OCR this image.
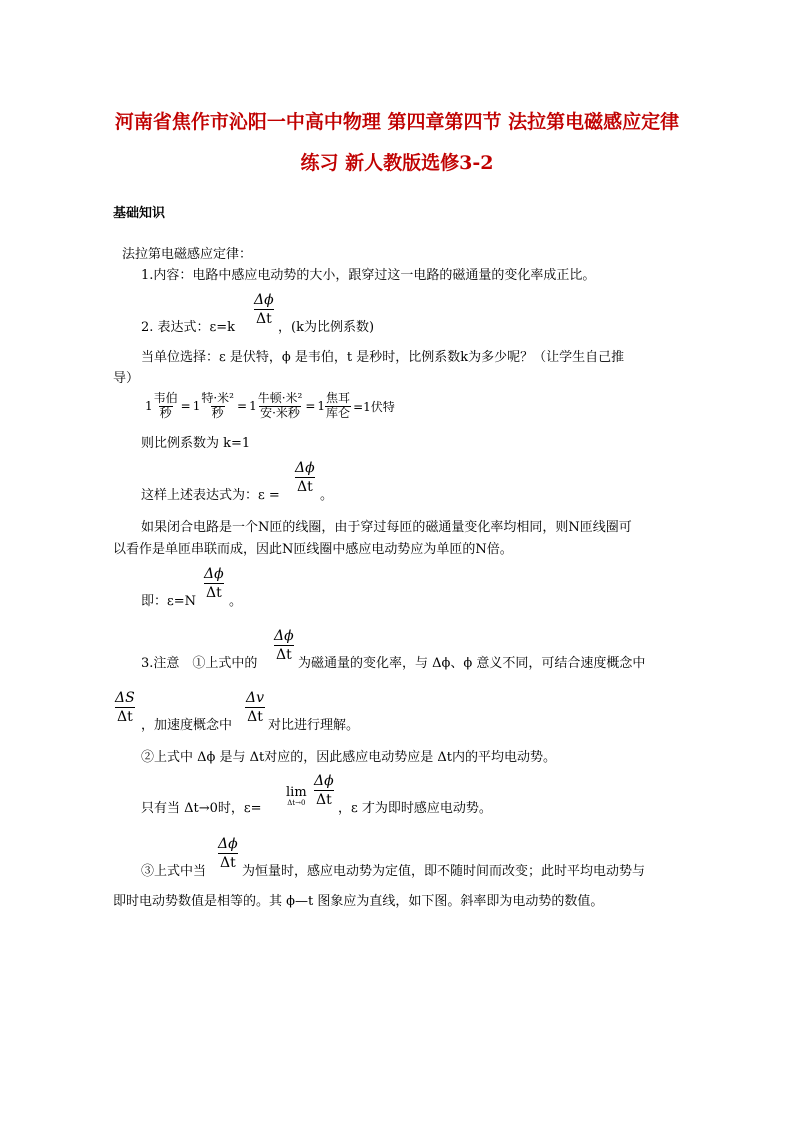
河南省焦作市沁阳一中高中物理 第四章第四节 法拉第电磁感应定律
练习 新人教版选修3-2
基础知识
法拉第电磁感应定律：
1.内容：电路中感应电动势的大小，跟穿过这一电路的磁通量的变化率成正比。
2. 表达式：ε=k
$\frac{\Delta\phi}{\Delta t}$
，(k为比例系数)
当单位选择：ε 是伏特，ϕ 是韦伯，t 是秒时，比例系数k为多少呢？（让学生自己推
导）
$1 \frac{\text{韦伯}}{\text{秒}} = 1 \frac{\text{特·米²}}{\text{秒}} = 1 \frac{\text{牛顿·米²}}{\text{安·米秒}} = 1 \frac{\text{焦耳}}{\text{库仑}} =1$伏特
则比例系数为 k=1
这样上述表达式为：ε =
$\frac{\Delta\phi}{\Delta t}$
。
如果闭合电路是一个N匝的线圈，由于穿过每匝的磁通量变化率均相同，则N匝线圈可
以看作是单匝串联而成，因此N匝线圈中感应电动势应为单匝的N倍。
即：ε=N
$\frac{\Delta\phi}{\Delta t}$
。
3.注意　①上式中的
$\frac{\Delta\phi}{\Delta t}$
为磁通量的变化率，与 Δϕ、ϕ 意义不同，可结合速度概念中
$\frac{\Delta S}{\Delta t}$
，加速度概念中
$\frac{\Delta v}{\Delta t}$
对比进行理解。
②上式中 Δϕ 是与 Δt对应的，因此感应电动势应是 Δt内的平均电动势。
只有当 Δt→0时，ε=
lim
$\Delta t\to 0 \frac{\Delta\phi}{\Delta t}$
，ε 才为即时感应电动势。
③上式中当
$\frac{\Delta\phi}{\Delta t}$
为恒量时，感应电动势为定值，即不随时间而改变；此时平均电动势与
即时电动势数值是相等的。其 ϕ—t 图象应为直线，如下图。斜率即为电动势的数值。
